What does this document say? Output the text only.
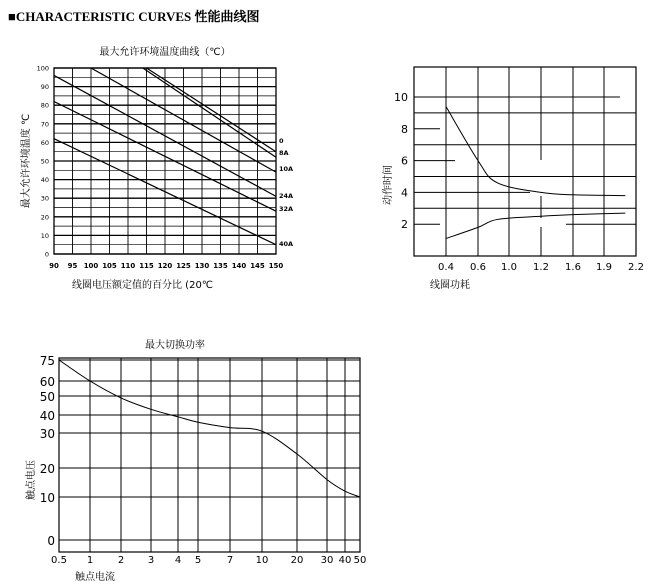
■CHARACTERISTIC CURVES 性能曲线图
最大允许环境温度曲线（℃）
90 95 100 105 110 115 120 125 130 135 140 145 150
0
10
20
30
40
50
60
70
80
90
100
线圈电压额定值的百分比 (20℃
最大允许环境温度 ℃	0
8A
10A
24A
32A
40A
0.4 0.6 1.0 1.2 1.6 1.9 2.2
2
4
6
8
10
线圈功耗
动作时间
最大切换功率
0.5 1 2 3 4 5	7 10 20 30 40 50
0
10
20
30
40
50
60
75
触点电流
触点电压
